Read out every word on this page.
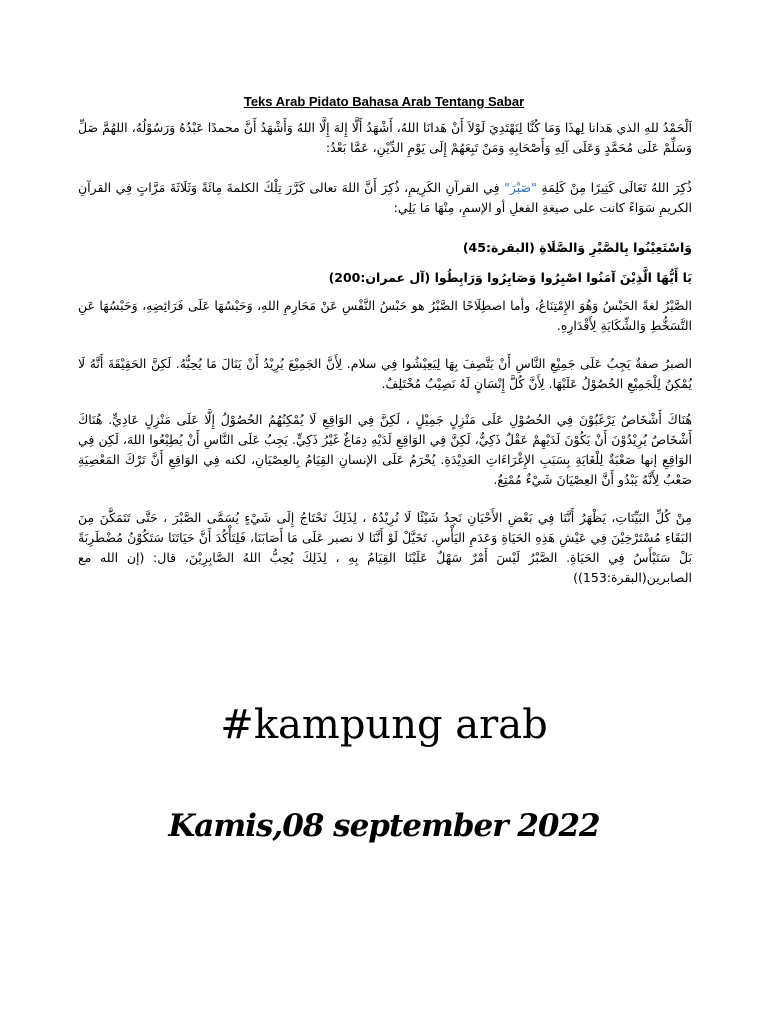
Teks Arab Pidato Bahasa Arab Tentang Sabar

اَلْحَمْدُ للهِ الذي هَدانا لِهذَا وَمَا كُنَّا لِنَهْتَدِيَ لَوْلاَ أَنْ هَدانَا اللهُ، أَشْهَدُ أَلَّا إِلهَ إِلَّا اللهُ وَأَشْهَدُ أَنَّ محمدًا عَبْدُهُ وَرَسُوْلُهُ، اللهُمَّ صَلِّ وَسَلِّمْ عَلَى مُحَمَّدٍ وَعَلَى آلِهِ وَأَصْحَابِهِ وَمَنْ تَبِعَهُمْ إِلَى يَوْمِ الدِّيْنِ، عَمَّا بَعْدُ:

ذُكِرَ اللهُ تَعَالَى كَثِيرًا مِنْ كَلِمَةِ "صَبْرَ" فِي القرآنِ الكَرِيمِ، ذُكِرَ أَنَّ اللهَ تعالى كَرَّرَ تِلْكَ الكلمةَ مِائَةً وَثَلَاثَةَ مَرَّاتٍ فِي القرآنِ الكريمِ سَوَاءً كانت على صيغةِ الفعلِ أو الإسمِ، مِنْهَا مَا يَلِي:

وَاسْتَعِيْنُوا بِالصَّبْرِ وَالصَّلَاةِ (البقرة:45)

يَا أَيُّهَا الَّذِيْنَ آمَنُوا اصْبِرُوا وَصَابِرُوا وَرَابِطُوا (آل عمران:200)

الصَّبْرُ لغةً الحَبْسُ وَهُوَ الإِمْتِنَاعُ، وأما اصطِلَاحًا الصَّبْرُ هو حَبْسُ النَّفْسِ عَنْ مَحَارِمِ اللهِ، وَحَبْسُهَا عَلَى فَرَائِضِهِ، وَحَبْسُهَا عَنِ التَّسَخُّطِ وَالشِّكَايَةِ لِأَقْدَارِهِ.

الصبرُ صفةٌ يَجِبُ عَلَى جَمِيْعِ النَّاسِ أَنْ يَتَّصِفَ بِهَا لِيَعِيْشُوا فِي سلام. لِأَنَّ الجَمِيْعَ يُرِيْدُ أَنْ يَنَالَ مَا يُحِبُّهُ. لَكِنَّ الحَقِيْقَةَ أَنَّهُ لَا يُمْكِنُ لِلْجَمِيْعِ الحُصُوْلُ عَلَيْهَا. لِأَنَّ كُلَّ إِنْسَانٍ لَهُ نَصِيْبٌ مُخْتَلِفٌ.

هُنَاكَ أَشْخَاصٌ يَرْغَبُوْنَ فِي الحُصُوْلِ عَلَى مَنْزِلٍ جَمِيْلٍ ، لَكِنَّ فِي الوَاقِعِ لَا يُمْكِنُهُمُ الحُصُوْلُ إِلَّا عَلَى مَنْزِلٍ عَادِيٍّ. هُنَاكَ أَشْخَاصٌ يُرِيْدُوْنَ أَنْ يَكُوْنَ لَدَيْهِمْ عَقْلٌ ذَكِيٌّ، لَكِنَّ فِي الوَاقِعِ لَدَيْهِ دِمَاغٌ غَيْرُ ذَكِيٍّ. يَجِبُ عَلَى النَّاسِ أَنْ يُطِيْعُوا اللهَ، لَكِن فِي الوَاقِعِ إنها صَعْبَةٌ لِلْغَايَةِ بِسَبَبِ الإِغْرَاءَاتِ العَدِيْدَةِ. يُحْرَمُ عَلَى الإنسانِ القِيَامُ بِالعِصْيَانِ، لكنه فِي الوَاقِعِ أَنَّ تَرْكَ المَعْصِيَةِ صَعْبٌ لِأَنَّهُ يَبْدُو أَنَّ العِصْيَانَ شَيْءٌ مُمْتِعٌ.

مِنْ كُلِّ البَيِّنَاتِ، يَظْهَرُ أَنَّنَا فِي بَعْضِ الأَحْيَانِ نَجِدُ شَيْئًا لَا نُرِيْدُهُ ، لِذَلِكَ نَحْتَاجُ إِلَى شَيْءٍ يُسَمَّى الصَّبْرَ ، حَتَّى تَتَمَكَّنَ مِنَ البَقَاءِ مُسْتَرْخِيْنَ فِي عَيْشِ هَذِهِ الحَيَاةِ وَعَدَمِ اليَأْسِ. تَخَيَّلْ لَوْ أَنَّنَا لا نصبر عَلَى مَا أَصَابَنَا، فَلِتَأْكُدَ أَنَّ حَيَاتَنَا سَتَكُوْنُ مُضْطَرِبَةً بَلْ سَنَيْأَسُ فِي الحَيَاةِ. الصَّبْرُ لَيْسَ أَمْرٌ سَهْلٌ عَلَيْنَا القِيَامُ بِهِ ، لِذَلِكَ يُحِبُّ اللهُ الصَّابِرِيْنَ، قال: (إن الله مع الصابرين(البقرة:153))

#kampung arab
Kamis,08 september 2022
